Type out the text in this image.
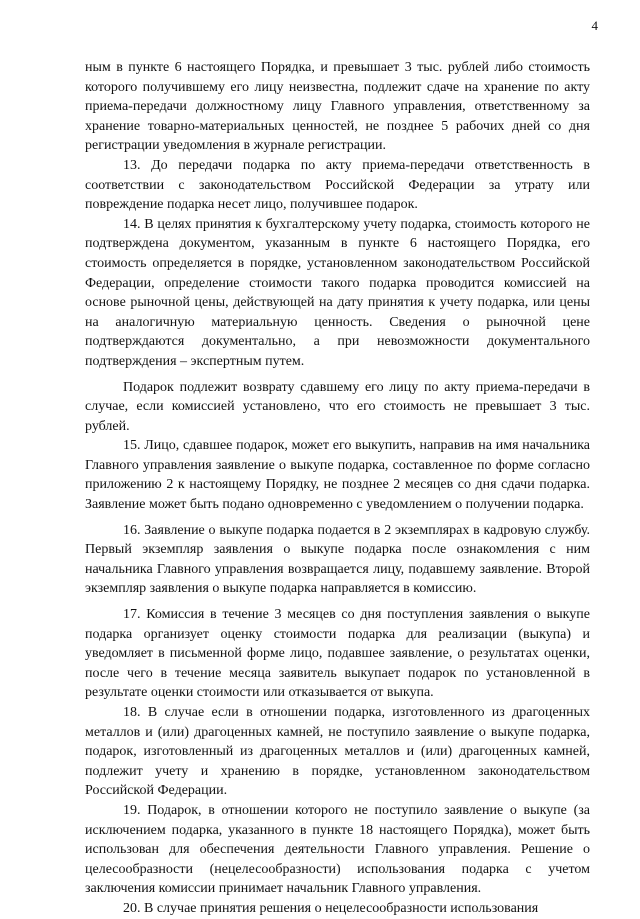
4

ным в пункте 6 настоящего Порядка, и превышает 3 тыс. рублей либо стоимость которого получившему его лицу неизвестна, подлежит сдаче на хранение по акту приема-передачи должностному лицу Главного управления, ответственному за хранение товарно-материальных ценностей, не позднее 5 рабочих дней со дня регистрации уведомления в журнале регистрации.

13. До передачи подарка по акту приема-передачи ответственность в соответствии с законодательством Российской Федерации за утрату или повреждение подарка несет лицо, получившее подарок.

14. В целях принятия к бухгалтерскому учету подарка, стоимость которого не подтверждена документом, указанным в пункте 6 настоящего Порядка, его стоимость определяется в порядке, установленном законодательством Российской Федерации, определение стоимости такого подарка проводится комиссией на основе рыночной цены, действующей на дату принятия к учету подарка, или цены на аналогичную материальную ценность. Сведения о рыночной цене подтверждаются документально, а при невозможности документального подтверждения – экспертным путем.

Подарок подлежит возврату сдавшему его лицу по акту приема-передачи в случае, если комиссией установлено, что его стоимость не превышает 3 тыс. рублей.

15. Лицо, сдавшее подарок, может его выкупить, направив на имя начальника Главного управления заявление о выкупе подарка, составленное по форме согласно приложению 2 к настоящему Порядку, не позднее 2 месяцев со дня сдачи подарка. Заявление может быть подано одновременно с уведомлением о получении подарка.

16. Заявление о выкупе подарка подается в 2 экземплярах в кадровую службу. Первый экземпляр заявления о выкупе подарка после ознакомления с ним начальника Главного управления возвращается лицу, подавшему заявление. Второй экземпляр заявления о выкупе подарка направляется в комиссию.

17. Комиссия в течение 3 месяцев со дня поступления заявления о выкупе подарка организует оценку стоимости подарка для реализации (выкупа) и уведомляет в письменной форме лицо, подавшее заявление, о результатах оценки, после чего в течение месяца заявитель выкупает подарок по установленной в результате оценки стоимости или отказывается от выкупа.

18. В случае если в отношении подарка, изготовленного из драгоценных металлов и (или) драгоценных камней, не поступило заявление о выкупе подарка, подарок, изготовленный из драгоценных металлов и (или) драгоценных камней, подлежит учету и хранению в порядке, установленном законодательством Российской Федерации.

19. Подарок, в отношении которого не поступило заявление о выкупе (за исключением подарка, указанного в пункте 18 настоящего Порядка), может быть использован для обеспечения деятельности Главного управления. Решение о целесообразности (нецелесообразности) использования подарка с учетом заключения комиссии принимает начальник Главного управления.

20. В случае принятия решения о нецелесообразности использования
